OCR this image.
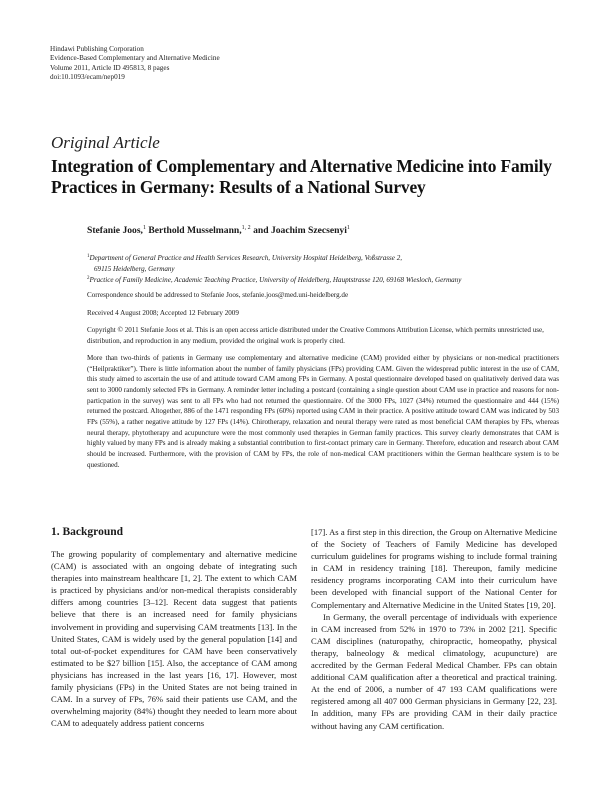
Hindawi Publishing Corporation
Evidence-Based Complementary and Alternative Medicine
Volume 2011, Article ID 495813, 8 pages
doi:10.1093/ecam/nep019
Original Article
Integration of Complementary and Alternative Medicine into Family Practices in Germany: Results of a National Survey
Stefanie Joos,$^1$ Berthold Musselmann,$^{1, 2}$ and Joachim Szecsenyi$^1$
$^1$Department of General Practice and Health Services Research, University Hospital Heidelberg, Voßstrasse 2,
69115 Heidelberg, Germany
$^2$Practice of Family Medicine, Academic Teaching Practice, University of Heidelberg, Hauptstrasse 120, 69168 Wiesloch, Germany
Correspondence should be addressed to Stefanie Joos, stefanie.joos@med.uni-heidelberg.de
Received 4 August 2008; Accepted 12 February 2009
Copyright © 2011 Stefanie Joos et al. This is an open access article distributed under the Creative Commons Attribution License, which permits unrestricted use, distribution, and reproduction in any medium, provided the original work is properly cited.
More than two-thirds of patients in Germany use complementary and alternative medicine (CAM) provided either by physicians or non-medical practitioners (“Heilpraktiker”). There is little information about the number of family physicians (FPs) providing CAM. Given the widespread public interest in the use of CAM, this study aimed to ascertain the use of and attitude toward CAM among FPs in Germany. A postal questionnaire developed based on qualitatively derived data was sent to 3000 randomly selected FPs in Germany. A reminder letter including a postcard (containing a single question about CAM use in practice and reasons for non-particpation in the survey) was sent to all FPs who had not returned the questionnaire. Of the 3000 FPs, 1027 (34%) returned the questionnaire and 444 (15%) returned the postcard. Altogether, 886 of the 1471 responding FPs (60%) reported using CAM in their practice. A positive attitude toward CAM was indicated by 503 FPs (55%), a rather negative attitude by 127 FPs (14%). Chirotherapy, relaxation and neural therapy were rated as most beneficial CAM therapies by FPs, whereas neural therapy, phytotherapy and acupuncture were the most commonly used therapies in German family practices. This survey clearly demonstrates that CAM is highly valued by many FPs and is already making a substantial contribution to first-contact primary care in Germany. Therefore, education and research about CAM should be increased. Furthermore, with the provision of CAM by FPs, the role of non-medical CAM practitioners within the German healthcare system is to be questioned.
1. Background

The growing popularity of complementary and alternative medicine (CAM) is associated with an ongoing debate of integrating such therapies into mainstream healthcare [1, 2]. The extent to which CAM is practiced by physicians and/or non-medical therapists considerably differs among countries [3–12]. Recent data suggest that patients believe that there is an increased need for family physicians involvement in providing and supervising CAM treatments [13]. In the United States, CAM is widely used by the general population [14] and total out-of-pocket expenditures for CAM have been conservatively estimated to be $27 billion [15]. Also, the acceptance of CAM among physicians has increased in the last years [16, 17]. However, most family physicians (FPs) in the United States are not being trained in CAM. In a survey of FPs, 76% said their patients use CAM, and the overwhelming majority (84%) thought they needed to learn more about CAM to adequately address patient concerns

[17]. As a first step in this direction, the Group on Alternative Medicine of the Society of Teachers of Family Medicine has developed curriculum guidelines for programs wishing to include formal training in CAM in residency training [18]. Thereupon, family medicine residency programs incorporating CAM into their curriculum have been developed with financial support of the National Center for Complementary and Alternative Medicine in the United States [19, 20].

In Germany, the overall percentage of individuals with experience in CAM increased from 52% in 1970 to 73% in 2002 [21]. Specific CAM disciplines (naturopathy, chiropractic, homeopathy, physical therapy, balneology & medical climatology, acupuncture) are accredited by the German Federal Medical Chamber. FPs can obtain additional CAM qualification after a theoretical and practical training. At the end of 2006, a number of 47 193 CAM qualifications were registered among all 407 000 German physicians in Germany [22, 23]. In addition, many FPs are providing CAM in their daily practice without having any CAM certification.
